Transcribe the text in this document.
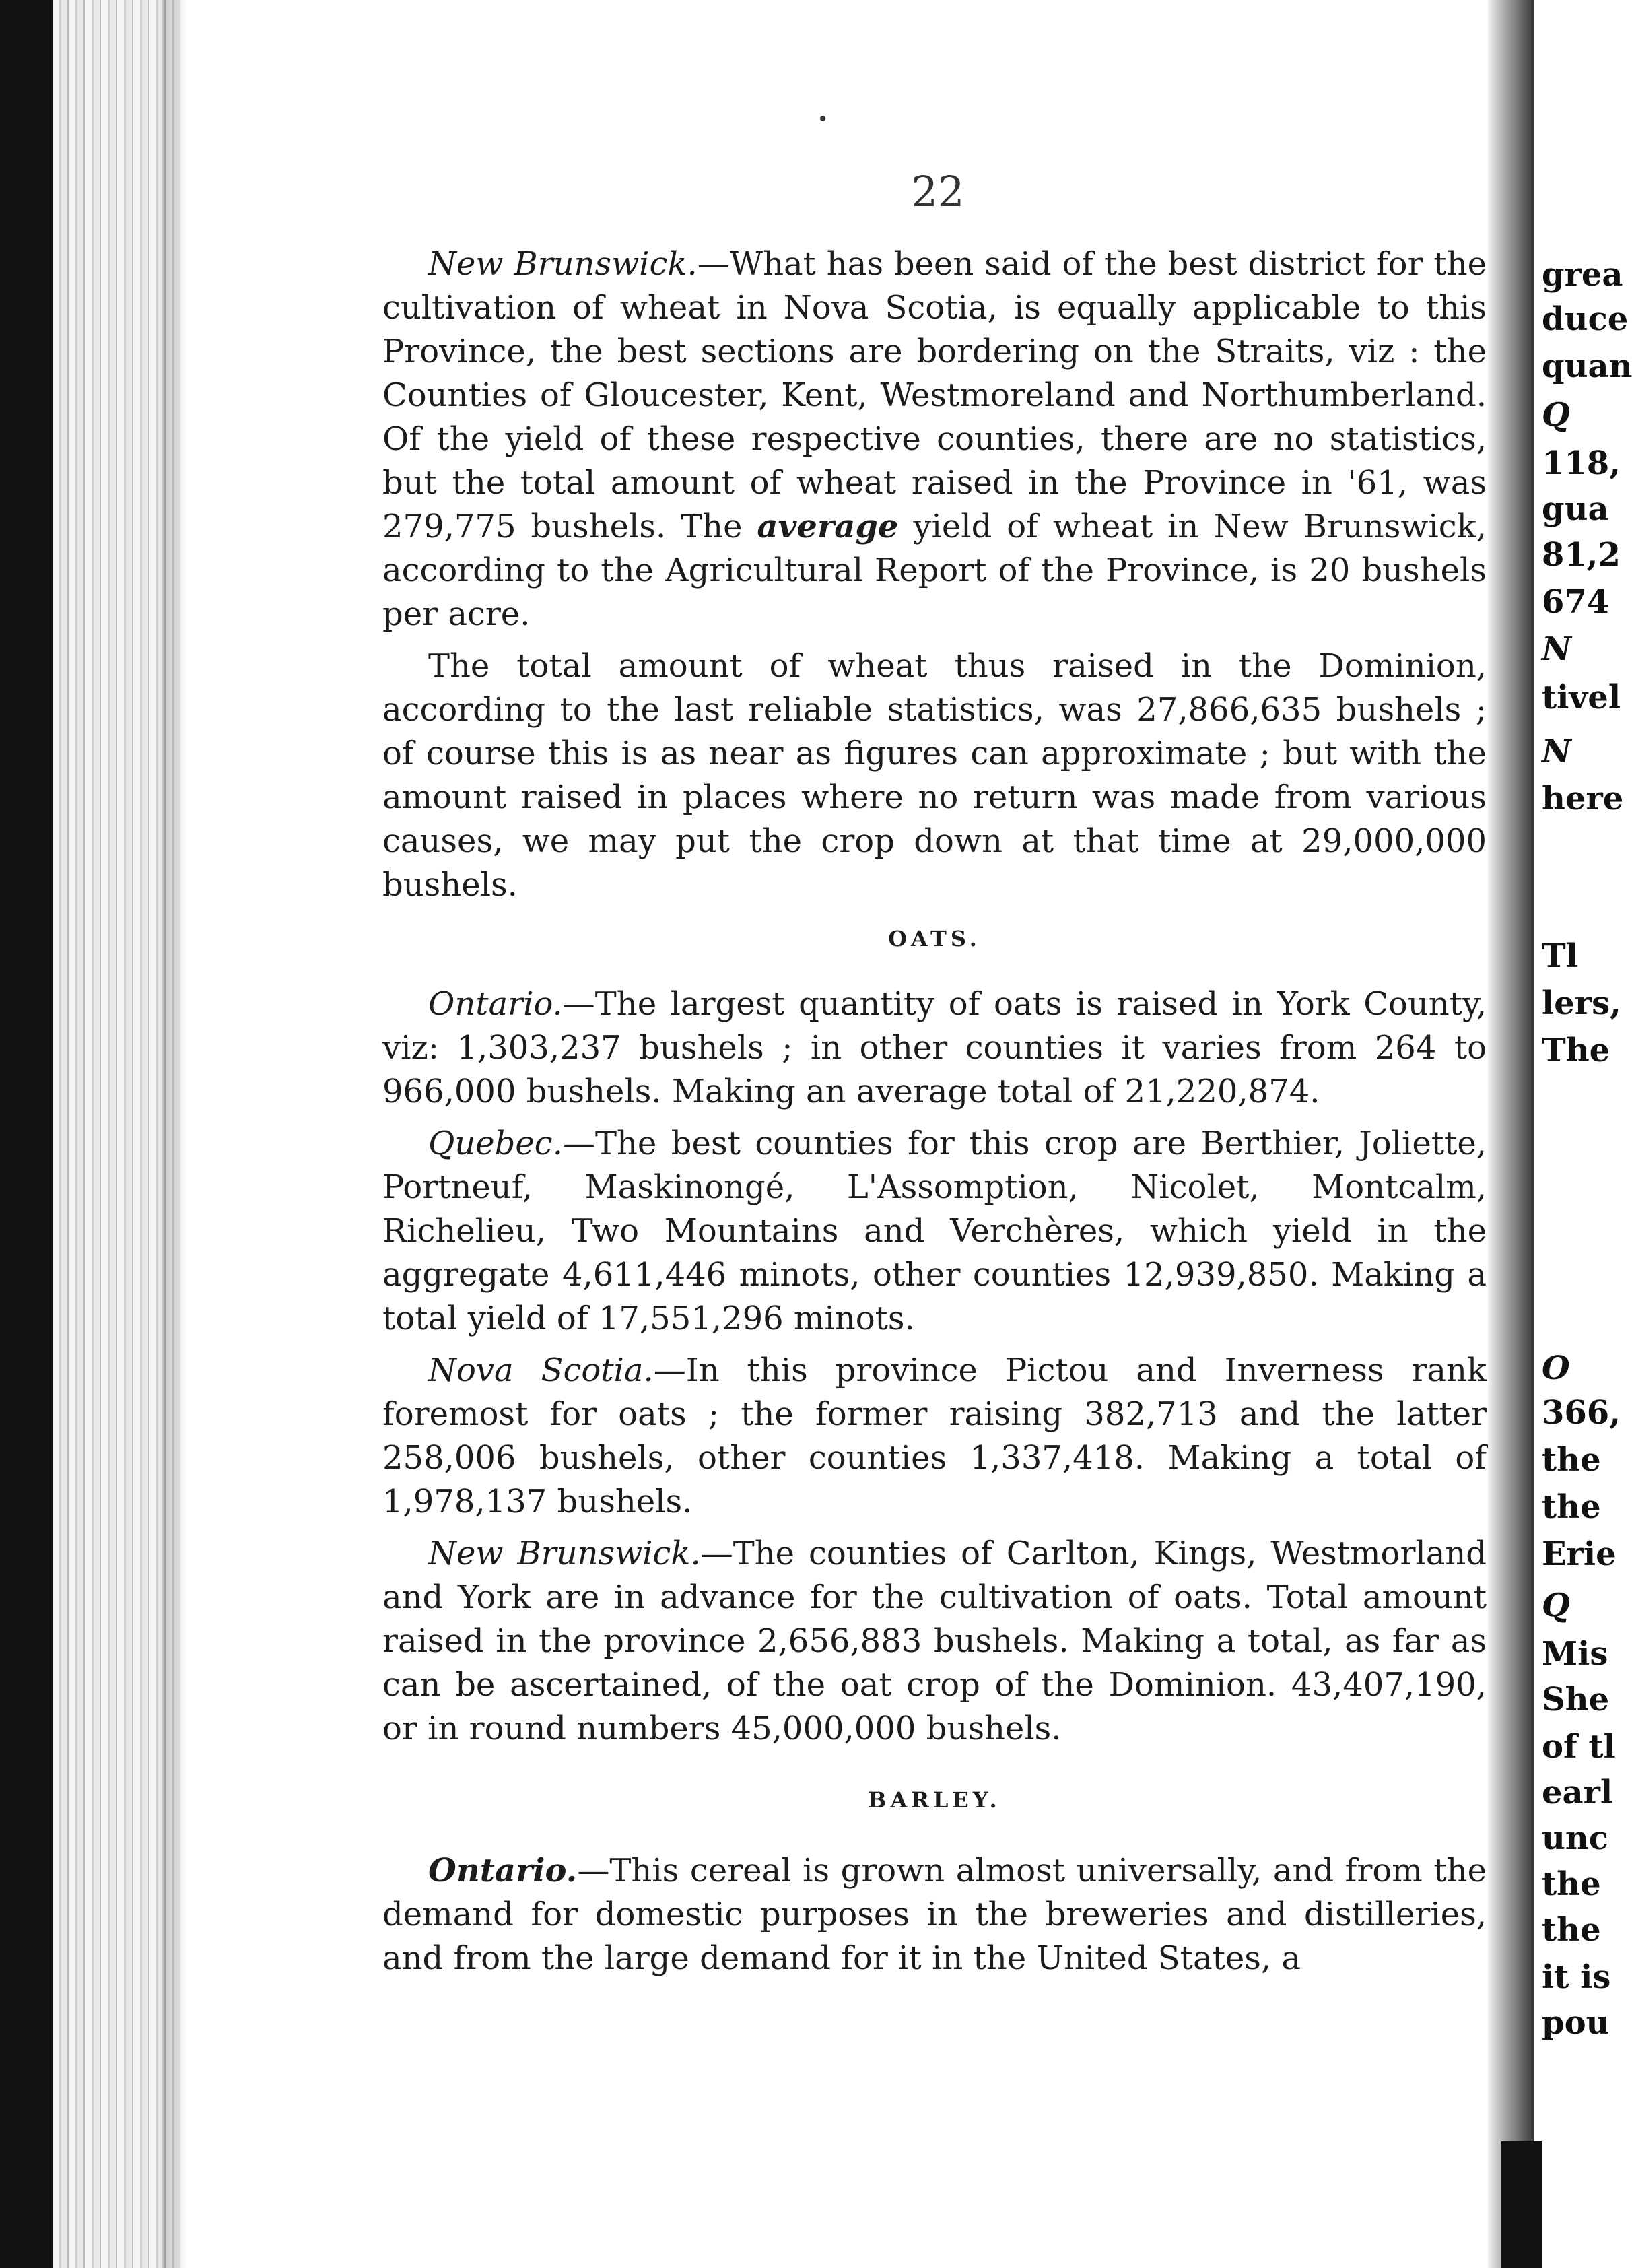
22

New Brunswick.—What has been said of the best district for the cultivation of wheat in Nova Scotia, is equally applicable to this Province, the best sections are bordering on the Straits, viz : the Counties of Gloucester, Kent, Westmoreland and Northumberland. Of the yield of these respective counties, there are no statistics, but the total amount of wheat raised in the Province in '61, was 279,775 bushels. The average yield of wheat in New Brunswick, according to the Agricultural Report of the Province, is 20 bushels per acre.

The total amount of wheat thus raised in the Dominion, according to the last reliable statistics, was 27,866,635 bushels ; of course this is as near as figures can approximate ; but with the amount raised in places where no return was made from various causes, we may put the crop down at that time at 29,000,000 bushels.

OATS.

Ontario.—The largest quantity of oats is raised in York County, viz: 1,303,237 bushels ; in other counties it varies from 264 to 966,000 bushels. Making an average total of 21,220,874.

Quebec.—The best counties for this crop are Berthier, Joliette, Portneuf, Maskinongé, L'Assomption, Nicolet, Montcalm, Richelieu, Two Mountains and Verchères, which yield in the aggregate 4,611,446 minots, other counties 12,939,850. Making a total yield of 17,551,296 minots.

Nova Scotia.—In this province Pictou and Inverness rank foremost for oats ; the former raising 382,713 and the latter 258,006 bushels, other counties 1,337,418. Making a total of 1,978,137 bushels.

New Brunswick.—The counties of Carlton, Kings, Westmorland and York are in advance for the cultivation of oats. Total amount raised in the province 2,656,883 bushels. Making a total, as far as can be ascertained, of the oat crop of the Dominion. 43,407,190, or in round numbers 45,000,000 bushels.

BARLEY.

Ontario.—This cereal is grown almost universally, and from the demand for domestic purposes in the breweries and distilleries, and from the large demand for it in the United States, a

grea
duce
quan
Q
118,
gua
81,2
674
N
tivel
N
here
Tl
lers,
The
O
366,
the
the
Erie
Q
Mis
She
of tl
earl
unc
the
the
it is
pou
